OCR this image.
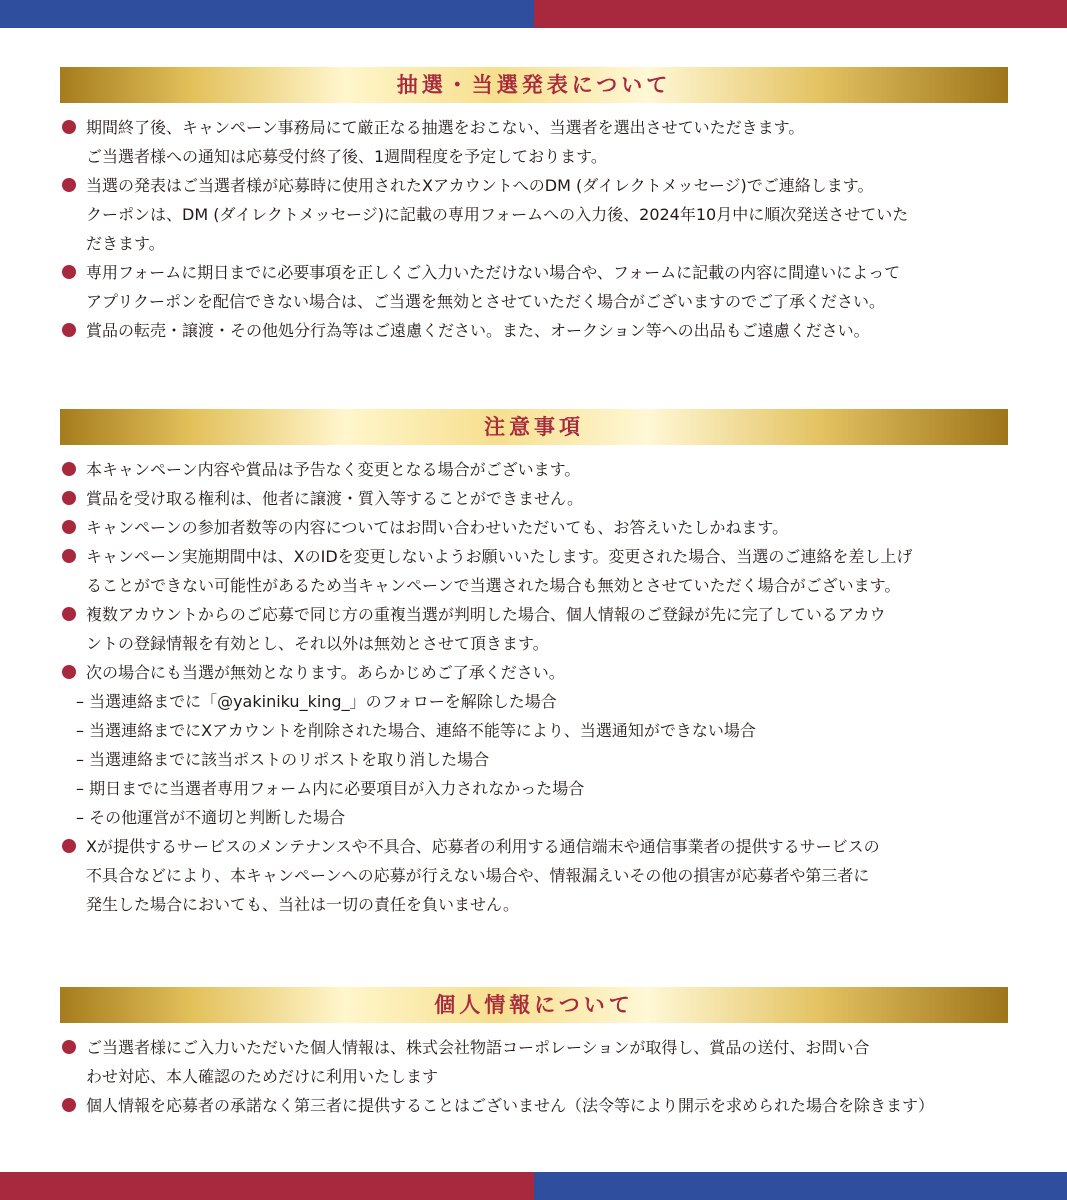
抽選・当選発表について

期間終了後、キャンペーン事務局にて厳正なる抽選をおこない、当選者を選出させていただきます。

ご当選者様への通知は応募受付終了後、1週間程度を予定しております。

当選の発表はご当選者様が応募時に使用されたXアカウントへのDM (ダイレクトメッセージ)でご連絡します。

クーポンは、DM (ダイレクトメッセージ)に記載の専用フォームへの入力後、2024年10月中に順次発送させていた

だきます。

専用フォームに期日までに必要事項を正しくご入力いただけない場合や、フォームに記載の内容に間違いによって

アプリクーポンを配信できない場合は、ご当選を無効とさせていただく場合がございますのでご了承ください。

賞品の転売・譲渡・その他処分行為等はご遠慮ください。また、オークション等への出品もご遠慮ください。

注意事項

本キャンペーン内容や賞品は予告なく変更となる場合がございます。

賞品を受け取る権利は、他者に譲渡・質入等することができません。

キャンペーンの参加者数等の内容についてはお問い合わせいただいても、お答えいたしかねます。

キャンペーン実施期間中は、XのIDを変更しないようお願いいたします。変更された場合、当選のご連絡を差し上げ

ることができない可能性があるため当キャンペーンで当選された場合も無効とさせていただく場合がございます。

複数アカウントからのご応募で同じ方の重複当選が判明した場合、個人情報のご登録が先に完了しているアカウ

ントの登録情報を有効とし、それ以外は無効とさせて頂きます。

次の場合にも当選が無効となります。あらかじめご了承ください。

– 当選連絡までに「@yakiniku_king_」のフォローを解除した場合

– 当選連絡までにXアカウントを削除された場合、連絡不能等により、当選通知ができない場合

– 当選連絡までに該当ポストのリポストを取り消した場合

– 期日までに当選者専用フォーム内に必要項目が入力されなかった場合

– その他運営が不適切と判断した場合

Xが提供するサービスのメンテナンスや不具合、応募者の利用する通信端末や通信事業者の提供するサービスの

不具合などにより、本キャンペーンへの応募が行えない場合や、情報漏えいその他の損害が応募者や第三者に

発生した場合においても、当社は一切の責任を負いません。

個人情報について

ご当選者様にご入力いただいた個人情報は、株式会社物語コーポレーションが取得し、賞品の送付、お問い合

わせ対応、本人確認のためだけに利用いたします

個人情報を応募者の承諾なく第三者に提供することはございません（法令等により開示を求められた場合を除きます）
